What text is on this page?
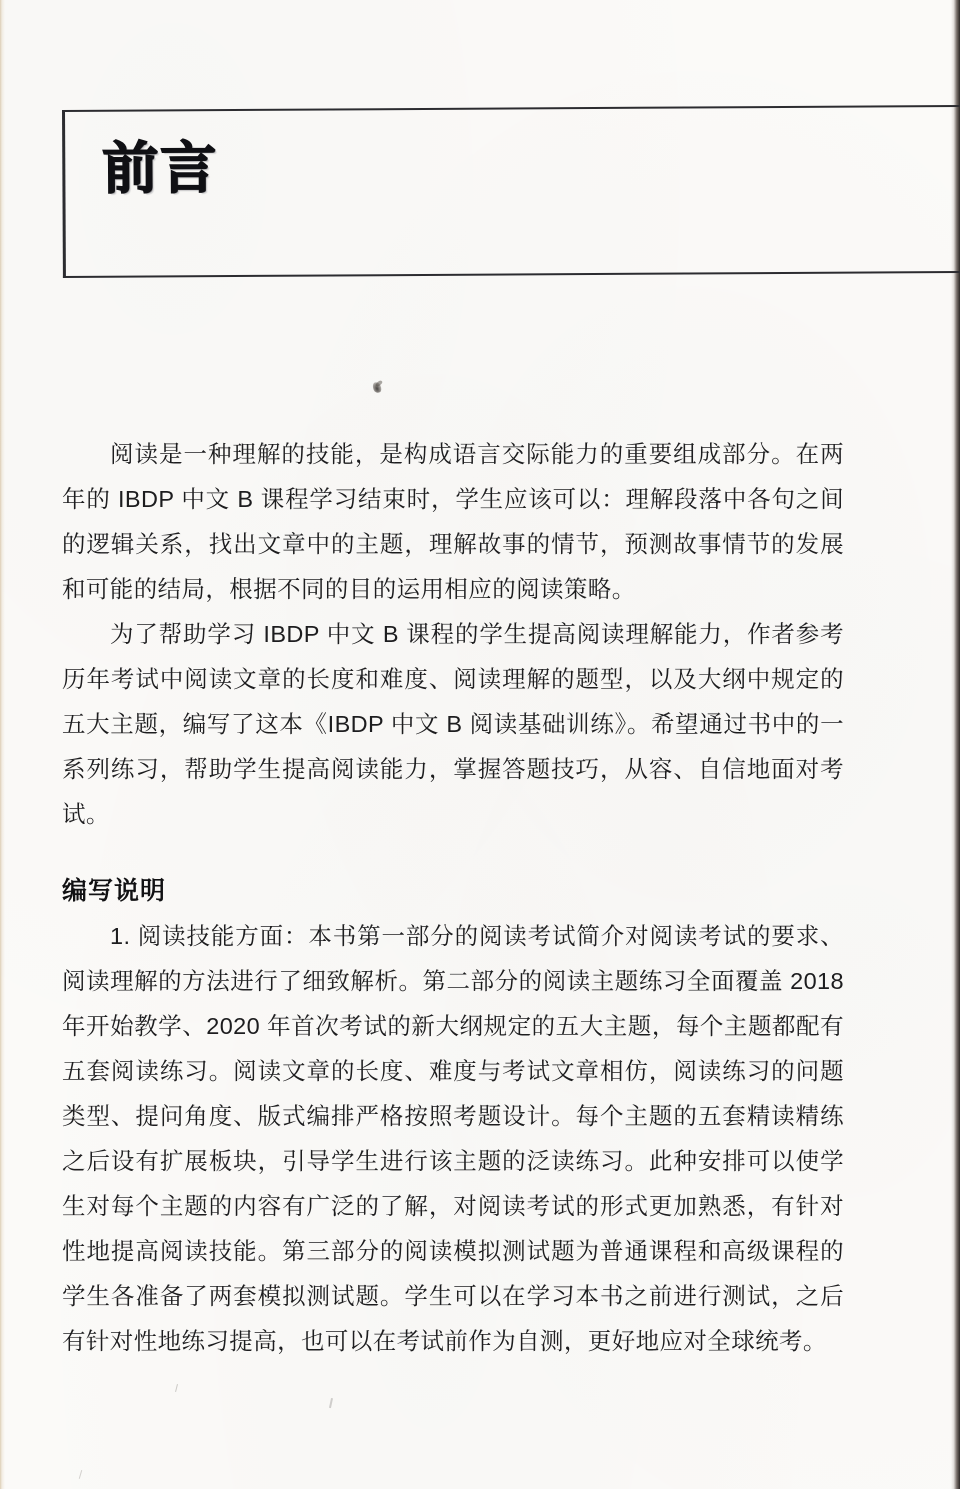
前言

阅读是一种理解的技能，是构成语言交际能力的重要组成部分。在两年的 IBDP 中文 B 课程学习结束时，学生应该可以：理解段落中各句之间的逻辑关系，找出文章中的主题，理解故事的情节，预测故事情节的发展和可能的结局，根据不同的目的运用相应的阅读策略。

为了帮助学习 IBDP 中文 B 课程的学生提高阅读理解能力，作者参考历年考试中阅读文章的长度和难度、阅读理解的题型，以及大纲中规定的五大主题，编写了这本《IBDP 中文 B 阅读基础训练》。希望通过书中的一系列练习，帮助学生提高阅读能力，掌握答题技巧，从容、自信地面对考试。

编写说明

1. 阅读技能方面：本书第一部分的阅读考试简介对阅读考试的要求、阅读理解的方法进行了细致解析。第二部分的阅读主题练习全面覆盖 2018 年开始教学、2020 年首次考试的新大纲规定的五大主题，每个主题都配有五套阅读练习。阅读文章的长度、难度与考试文章相仿，阅读练习的问题类型、提问角度、版式编排严格按照考题设计。每个主题的五套精读精练之后设有扩展板块，引导学生进行该主题的泛读练习。此种安排可以使学生对每个主题的内容有广泛的了解，对阅读考试的形式更加熟悉，有针对性地提高阅读技能。第三部分的阅读模拟测试题为普通课程和高级课程的学生各准备了两套模拟测试题。学生可以在学习本书之前进行测试，之后有针对性地练习提高，也可以在考试前作为自测，更好地应对全球统考。
